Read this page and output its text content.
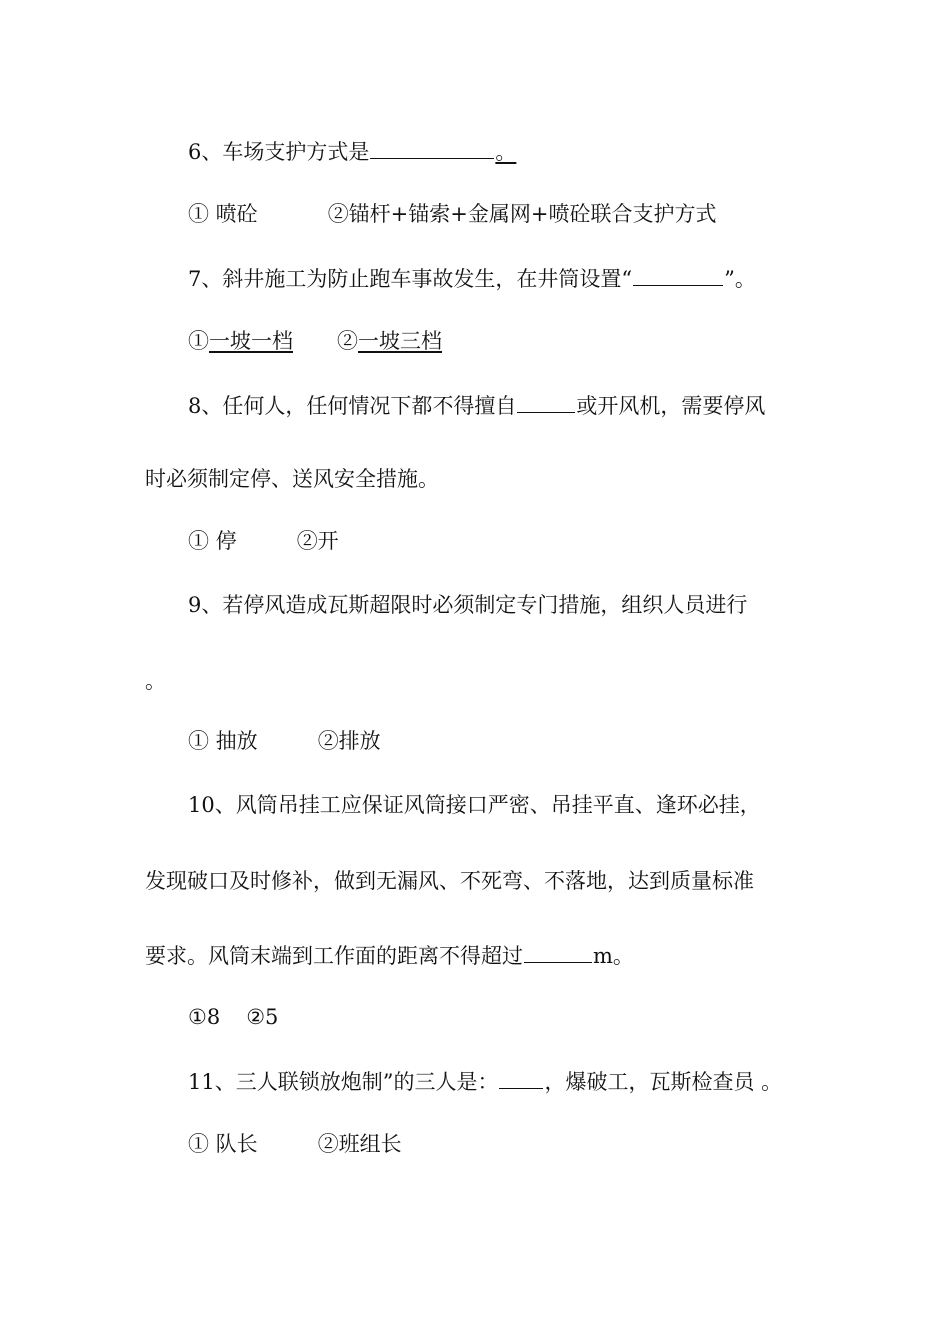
6、车场支护方式是	。
① 喷砼	②锚杆+锚索+金属网+喷砼联合支护方式
7、斜井施工为防止跑车事故发生，在井筒设置“	”。
①一坡一档 ②一坡三档
8、任何人，任何情况下都不得擅自	或开风机，需要停风
时必须制定停、送风安全措施。
① 停	②开
9、若停风造成瓦斯超限时必须制定专门措施，组织人员进行
。
① 抽放	②排放
10、风筒吊挂工应保证风筒接口严密、吊挂平直、逢环必挂，
发现破口及时修补，做到无漏风、不死弯、不落地，达到质量标准
要求。风筒末端到工作面的距离不得超过	m。
①8 ②5
11、三人联锁放炮制”的三人是： ，爆破工，瓦斯检查员 。
① 队长	②班组长
